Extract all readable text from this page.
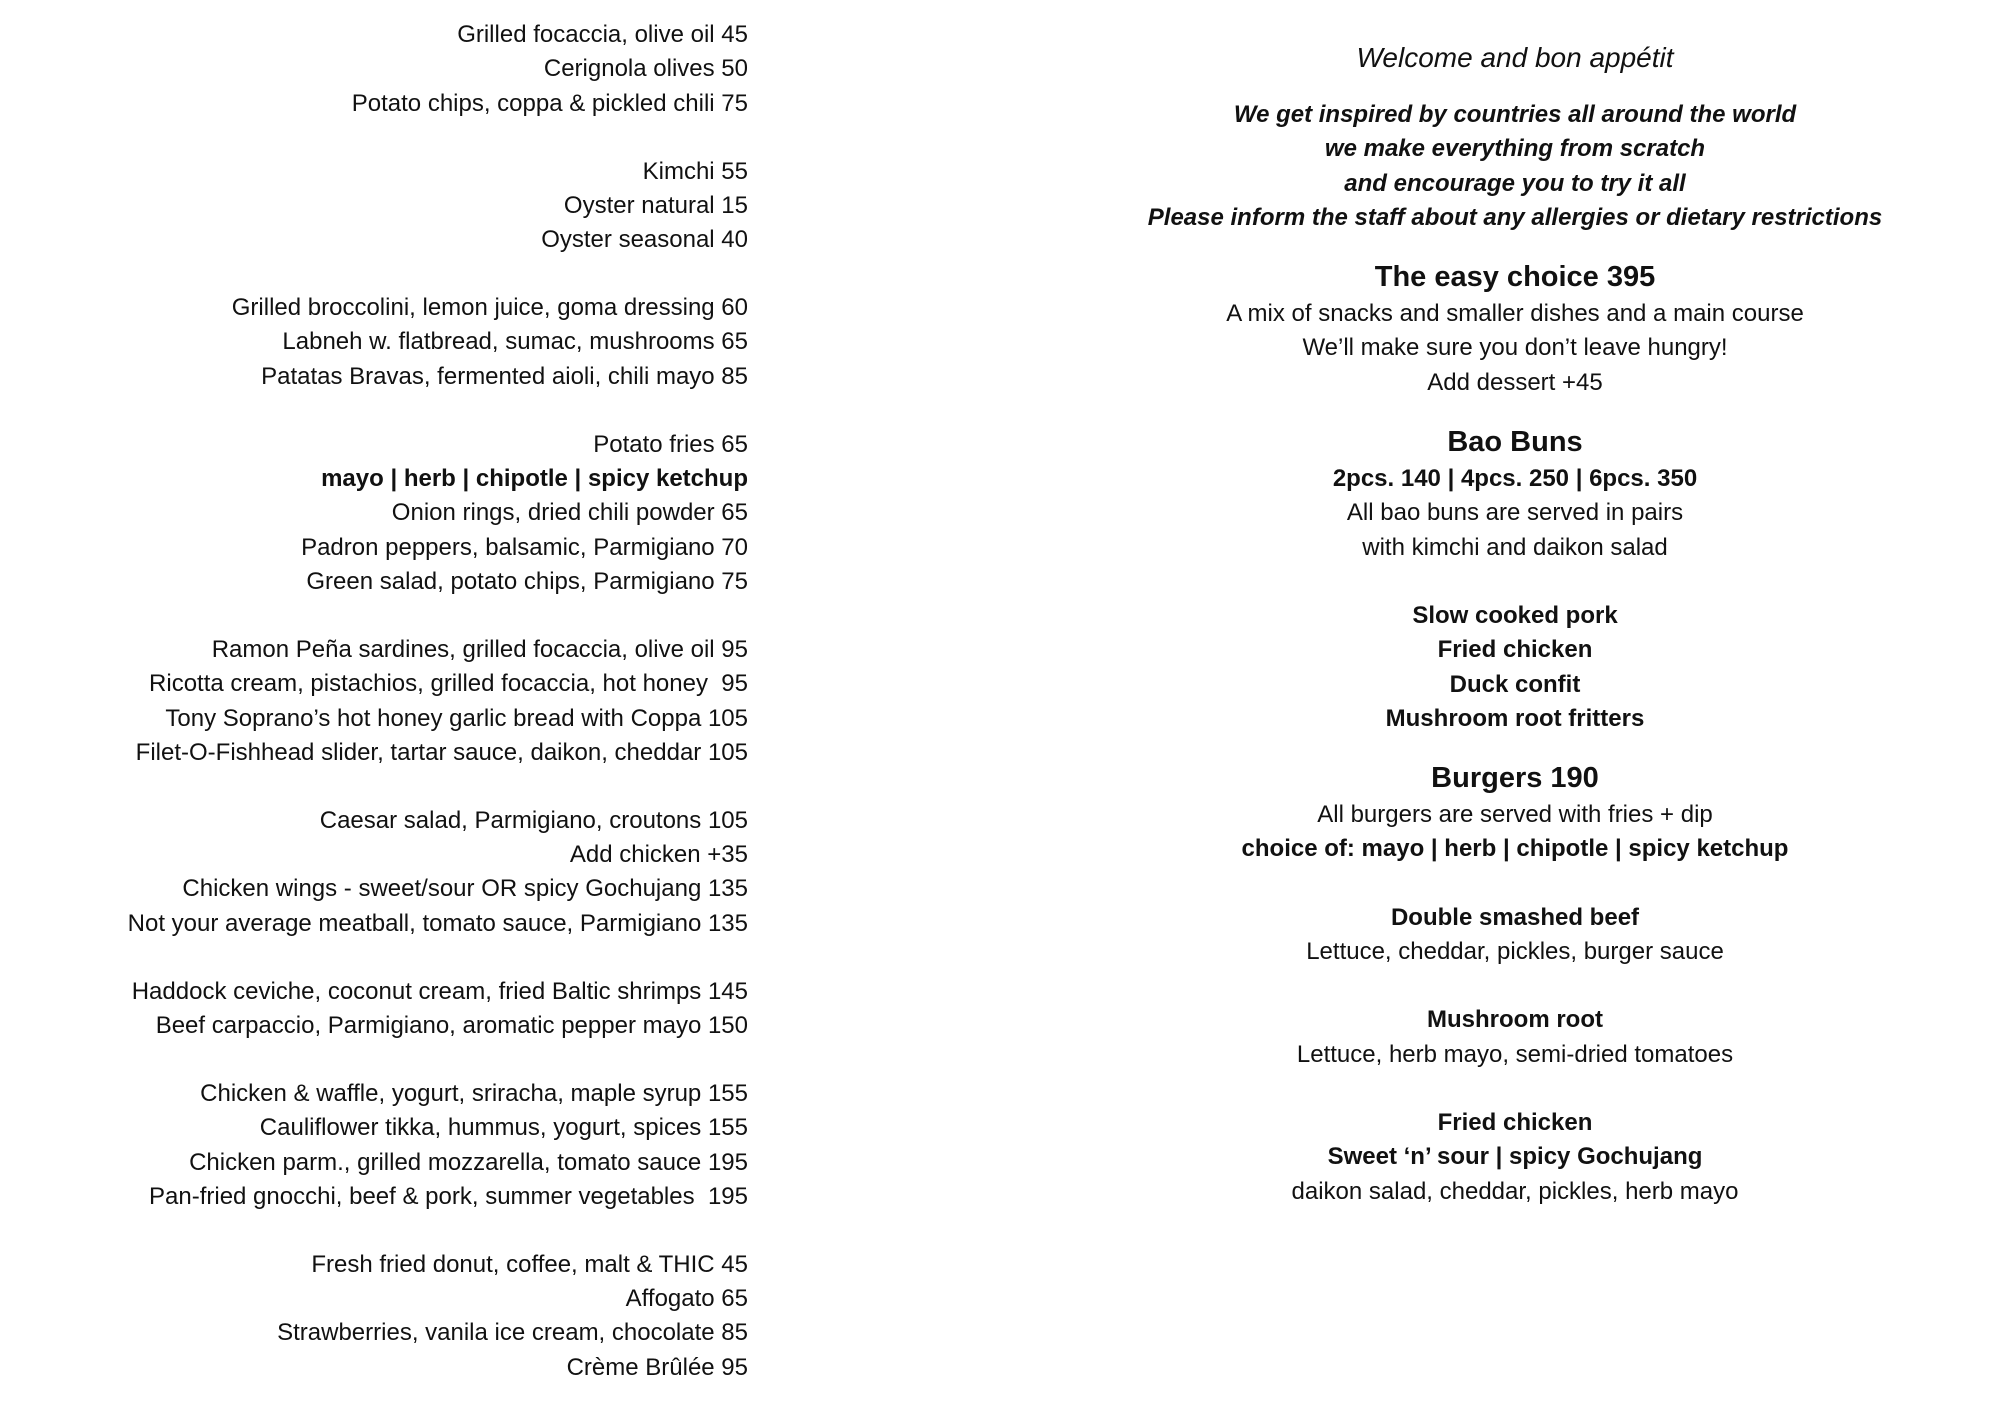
Grilled focaccia, olive oil 45
Cerignola olives 50
Potato chips, coppa & pickled chili 75
Kimchi 55
Oyster natural 15
Oyster seasonal 40
Grilled broccolini, lemon juice, goma dressing 60
Labneh w. flatbread, sumac, mushrooms 65
Patatas Bravas, fermented aioli, chili mayo 85
Potato fries 65
mayo | herb | chipotle | spicy ketchup
Onion rings, dried chili powder 65
Padron peppers, balsamic, Parmigiano 70
Green salad, potato chips, Parmigiano 75
Ramon Peña sardines, grilled focaccia, olive oil 95
Ricotta cream, pistachios, grilled focaccia, hot honey  95
Tony Soprano’s hot honey garlic bread with Coppa 105
Filet-O-Fishhead slider, tartar sauce, daikon, cheddar 105
Caesar salad, Parmigiano, croutons 105
Add chicken +35
Chicken wings - sweet/sour OR spicy Gochujang 135
Not your average meatball, tomato sauce, Parmigiano 135
Haddock ceviche, coconut cream, fried Baltic shrimps 145
Beef carpaccio, Parmigiano, aromatic pepper mayo 150
Chicken & waffle, yogurt, sriracha, maple syrup 155
Cauliflower tikka, hummus, yogurt, spices 155
Chicken parm., grilled mozzarella, tomato sauce 195
Pan-fried gnocchi, beef & pork, summer vegetables  195
Fresh fried donut, coffee, malt & THIC 45
Affogato 65
Strawberries, vanila ice cream, chocolate 85
Crème Brûlée 95
Welcome and bon appétit
We get inspired by countries all around the world
we make everything from scratch
and encourage you to try it all
Please inform the staff about any allergies or dietary restrictions
The easy choice 395
A mix of snacks and smaller dishes and a main course
We’ll make sure you don’t leave hungry!
Add dessert +45
Bao Buns
2pcs. 140 | 4pcs. 250 | 6pcs. 350
All bao buns are served in pairs
with kimchi and daikon salad
Slow cooked pork
Fried chicken
Duck confit
Mushroom root fritters
Burgers 190
All burgers are served with fries + dip
choice of: mayo | herb | chipotle | spicy ketchup
Double smashed beef
Lettuce, cheddar, pickles, burger sauce
Mushroom root
Lettuce, herb mayo, semi-dried tomatoes
Fried chicken
Sweet ‘n’ sour | spicy Gochujang
daikon salad, cheddar, pickles, herb mayo
